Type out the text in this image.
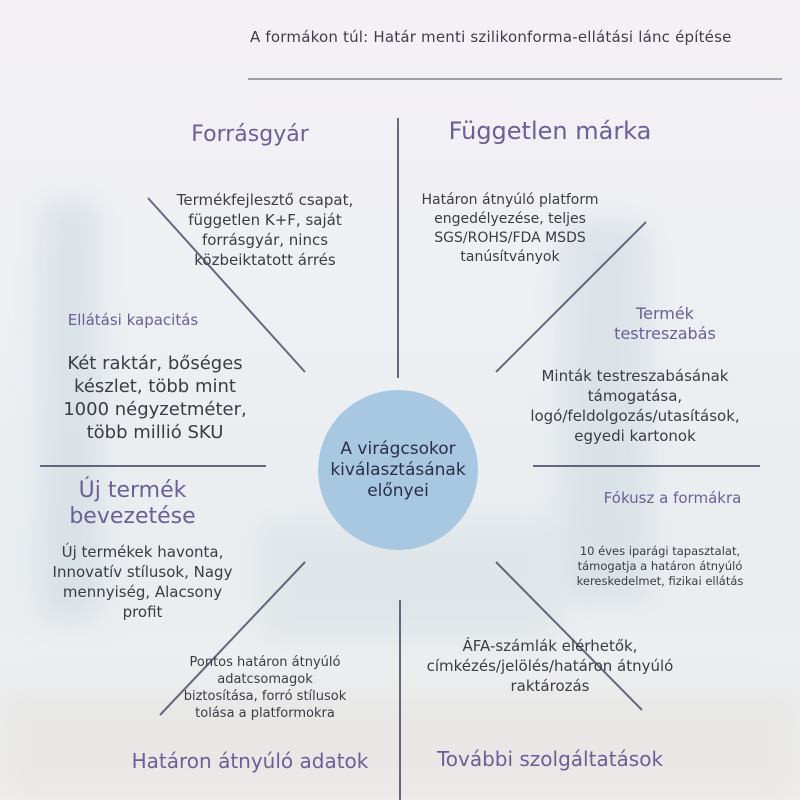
A formákon túl: Határ menti szilikonforma-ellátási lánc építése
A virágcsokor kiválasztásának előnyei
Forrásgyár
Termékfejlesztő csapat, független K+F, saját forrásgyár, nincs közbeiktatott árrés
Független márka
Határon átnyúló platform engedélyezése, teljes SGS/ROHS/FDA MSDS tanúsítványok
Ellátási kapacitás
Két raktár, bőséges készlet, több mint 1000 négyzetméter, több millió SKU
Termék testreszabás
Minták testreszabásának támogatása, logó/feldolgozás/utasítások, egyedi kartonok
Új termék bevezetése
Új termékek havonta, Innovatív stílusok, Nagy mennyiség, Alacsony profit
Fókusz a formákra
10 éves iparági tapasztalat, támogatja a határon átnyúló kereskedelmet, fizikai ellátás
Pontos határon átnyúló adatcsomagok biztosítása, forró stílusok tolása a platformokra
Határon átnyúló adatok
ÁFA-számlák elérhetők, címkézés/jelölés/határon átnyúló raktározás
További szolgáltatások
